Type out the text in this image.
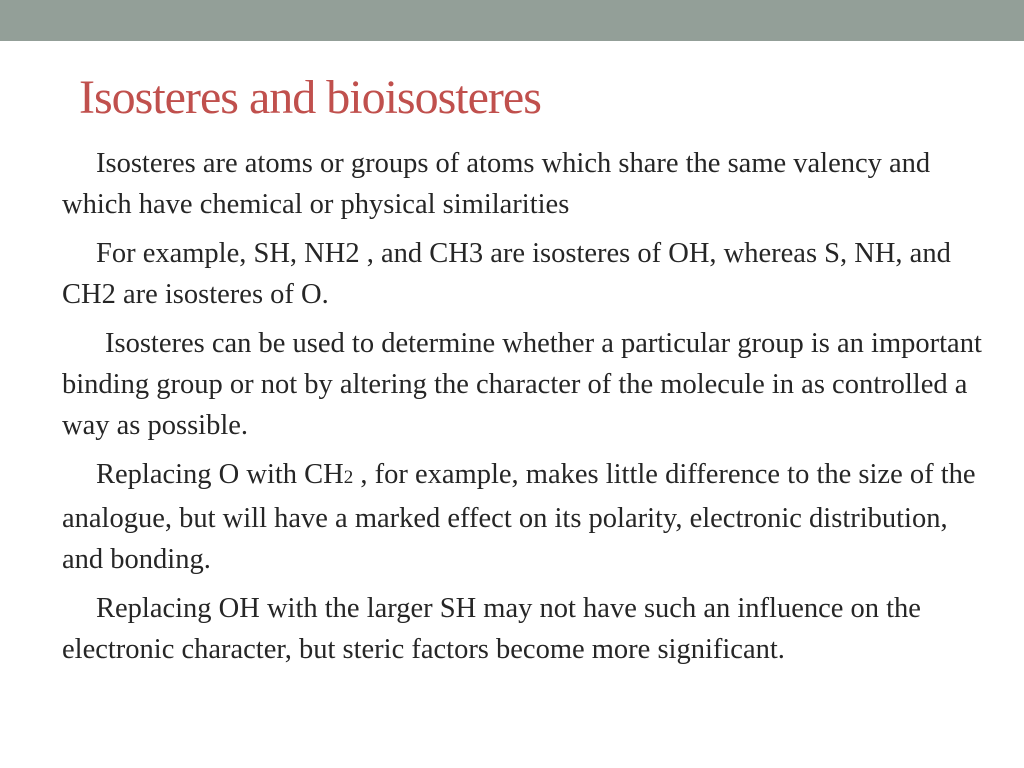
Isosteres and bioisosteres

Isosteres are atoms or groups of atoms which share the same valency and which have chemical or physical similarities

For example, SH, NH2 , and CH3 are isosteres of OH, whereas S, NH, and CH2 are isosteres of O.

Isosteres can be used to determine whether a particular group is an important binding group or not by altering the character of the molecule in as controlled a way as possible.

Replacing O with CH2 , for example, makes little difference to the size of the analogue, but will have a marked effect on its polarity, electronic distribution, and bonding.

Replacing OH with the larger SH may not have such an influence on the electronic character, but steric factors become more significant.
